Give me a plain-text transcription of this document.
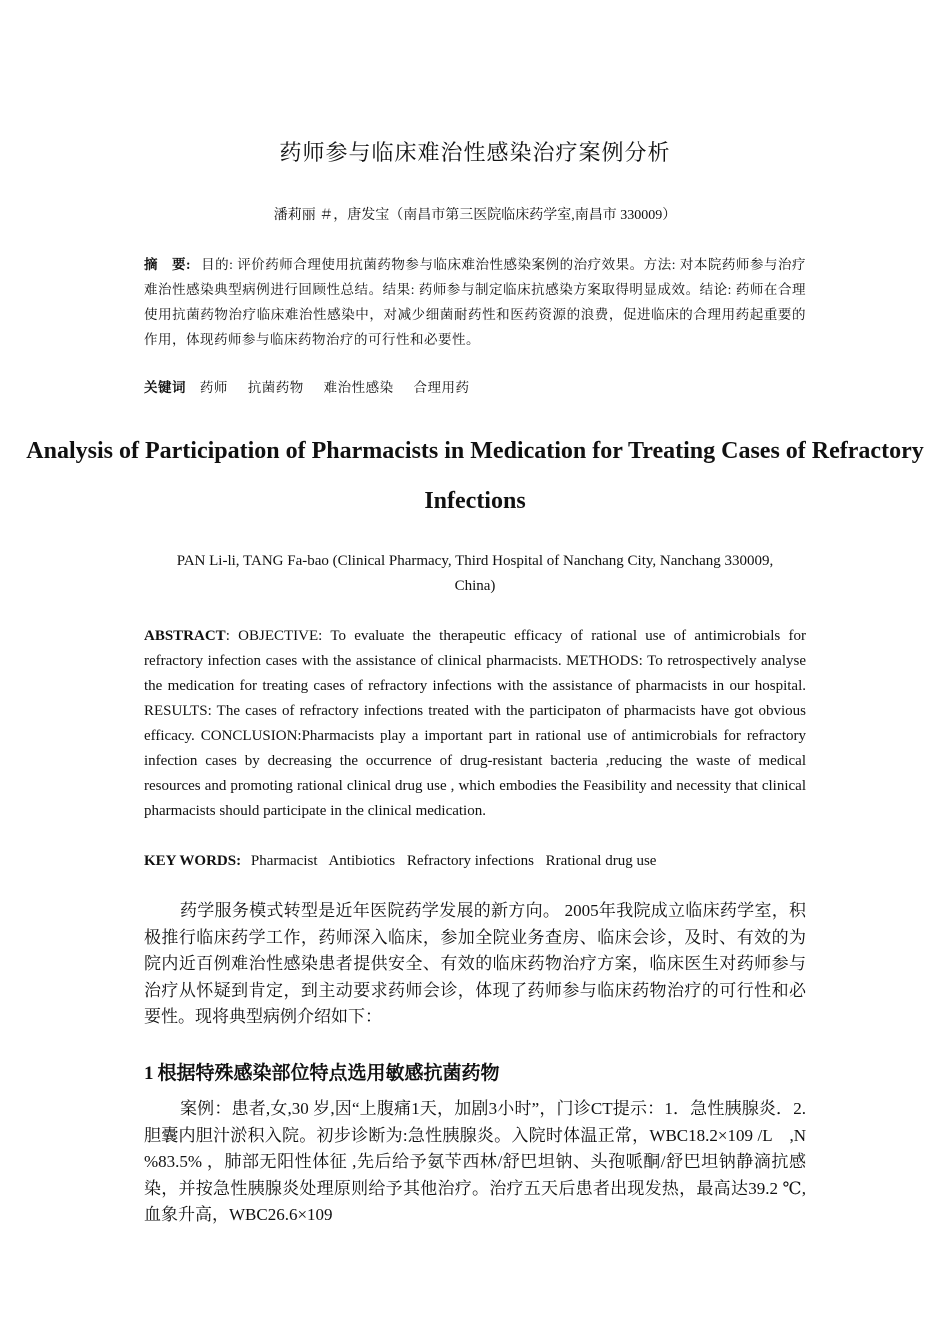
药师参与临床难治性感染治疗案例分析
潘莉丽 ＃，唐发宝（南昌市第三医院临床药学室,南昌市 330009）
摘　要: 目的: 评价药师合理使用抗菌药物参与临床难治性感染案例的治疗效果。方法: 对本院药师参与治疗难治性感染典型病例进行回顾性总结。结果: 药师参与制定临床抗感染方案取得明显成效。结论: 药师在合理使用抗菌药物治疗临床难治性感染中，对减少细菌耐药性和医药资源的浪费，促进临床的合理用药起重要的作用，体现药师参与临床药物治疗的可行性和必要性。
关键词 药师 抗菌药物 难治性感染 合理用药
Analysis of Participation of Pharmacists in Medication for Treating Cases of Refractory Infections
PAN Li-li, TANG Fa-bao (Clinical Pharmacy, Third Hospital of Nanchang City, Nanchang 330009, China)
ABSTRACT: OBJECTIVE: To evaluate the therapeutic efficacy of rational use of antimicrobials for refractory infection cases with the assistance of clinical pharmacists. METHODS: To retrospectively analyse the medication for treating cases of refractory infections with the assistance of pharmacists in our hospital. RESULTS: The cases of refractory infections treated with the participaton of pharmacists have got obvious efficacy. CONCLUSION:Pharmacists play a important part in rational use of antimicrobials for refractory infection cases by decreasing the occurrence of drug-resistant bacteria ,reducing the waste of medical resources and promoting rational clinical drug use , which embodies the Feasibility and necessity that clinical pharmacists should participate in the clinical medication.
KEY WORDS: Pharmacist Antibiotics Refractory infections Rrational drug use
药学服务模式转型是近年医院药学发展的新方向。 2005年我院成立临床药学室，积极推行临床药学工作，药师深入临床，参加全院业务查房、临床会诊，及时、有效的为院内近百例难治性感染患者提供安全、有效的临床药物治疗方案，临床医生对药师参与治疗从怀疑到肯定，到主动要求药师会诊，体现了药师参与临床药物治疗的可行性和必要性。现将典型病例介绍如下：
1 根据特殊感染部位特点选用敏感抗菌药物
案例：患者,女,30 岁,因“上腹痛1天，加剧3小时”，门诊CT提示：1．急性胰腺炎．2.胆囊内胆汁淤积入院。初步诊断为:急性胰腺炎。入院时体温正常，WBC18.2×109 /L　,N %83.5% ，肺部无阳性体征 ,先后给予氨苄西林/舒巴坦钠、头孢哌酮/舒巴坦钠静滴抗感染，并按急性胰腺炎处理原则给予其他治疗。治疗五天后患者出现发热，最高达39.2 ℃,血象升高，WBC26.6×109
